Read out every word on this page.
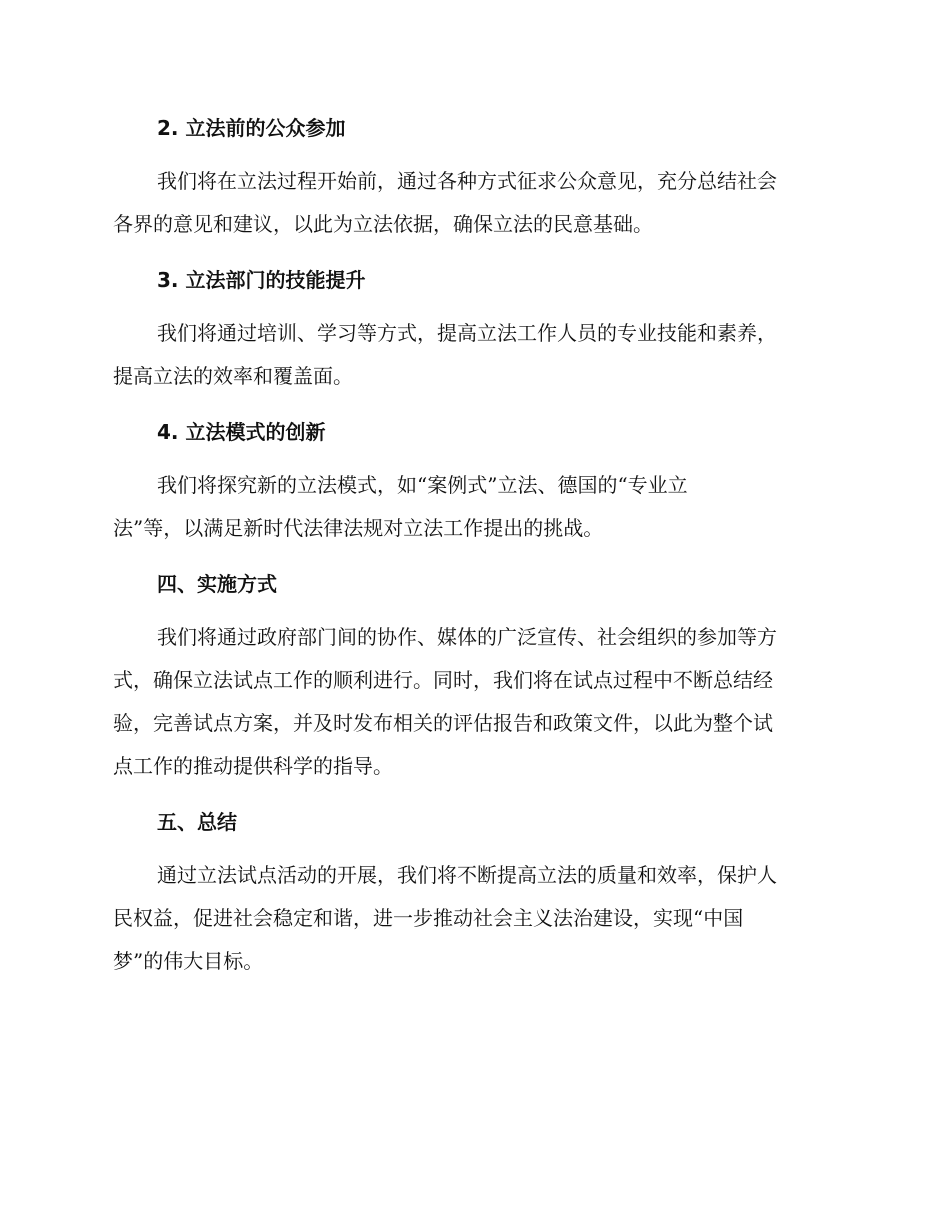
2. 立法前的公众参加
我们将在立法过程开始前，通过各种方式征求公众意见，充分总结社会
各界的意见和建议，以此为立法依据，确保立法的民意基础。
3. 立法部门的技能提升
我们将通过培训、学习等方式，提高立法工作人员的专业技能和素养，
提高立法的效率和覆盖面。
4. 立法模式的创新
我们将探究新的立法模式，如“案例式”立法、德国的“专业立
法”等，以满足新时代法律法规对立法工作提出的挑战。
四、实施方式
我们将通过政府部门间的协作、媒体的广泛宣传、社会组织的参加等方
式，确保立法试点工作的顺利进行。同时，我们将在试点过程中不断总结经
验，完善试点方案，并及时发布相关的评估报告和政策文件，以此为整个试
点工作的推动提供科学的指导。
五、总结
通过立法试点活动的开展，我们将不断提高立法的质量和效率，保护人
民权益，促进社会稳定和谐，进一步推动社会主义法治建设，实现“中国
梦”的伟大目标。
